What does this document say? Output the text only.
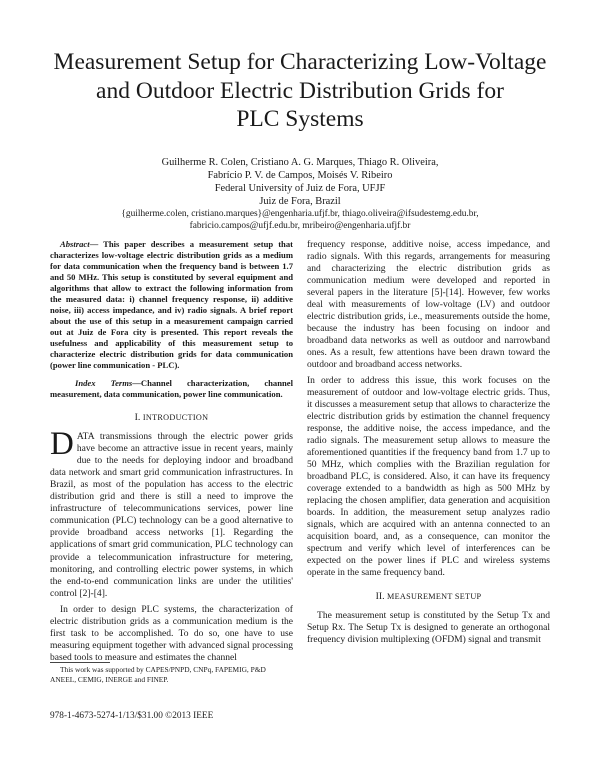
Measurement Setup for Characterizing Low-Voltage
and Outdoor Electric Distribution Grids for
PLC Systems
Guilherme R. Colen, Cristiano A. G. Marques, Thiago R. Oliveira,
Fabrício P. V. de Campos, Moisés V. Ribeiro
Federal University of Juiz de Fora, UFJF
Juiz de Fora, Brazil
{guilherme.colen, cristiano.marques}@engenharia.ufjf.br, thiago.oliveira@ifsudestemg.edu.br,
fabricio.campos@ufjf.edu.br, mribeiro@engenharia.ufjf.br

Abstract— This paper describes a measurement setup that characterizes low-voltage electric distribution grids as a medium for data communication when the frequency band is between 1.7 and 50 MHz. This setup is constituted by several equipment and algorithms that allow to extract the following information from the measured data: i) channel frequency response, ii) additive noise, iii) access impedance, and iv) radio signals. A brief report about the use of this setup in a measurement campaign carried out at Juiz de Fora city is presented. This report reveals the usefulness and applicability of this measurement setup to characterize electric distribution grids for data communication (power line communication - PLC).

Index Terms—Channel characterization, channel measurement, data communication, power line communication.

I. INTRODUCTION

DATA transmissions through the electric power grids have become an attractive issue in recent years, mainly due to the needs for deploying indoor and broadband data network and smart grid communication infrastructures. In Brazil, as most of the population has access to the electric distribution grid and there is still a need to improve the infrastructure of telecommunications services, power line communication (PLC) technology can be a good alternative to provide broadband access networks [1]. Regarding the applications of smart grid communication, PLC technology can provide a telecommunication infrastructure for metering, monitoring, and controlling electric power systems, in which the end-to-end communication links are under the utilities' control [2]-[4].

In order to design PLC systems, the characterization of electric distribution grids as a communication medium is the first task to be accomplished. To do so, one have to use measuring equipment together with advanced signal processing based tools to measure and estimates the channel

frequency response, additive noise, access impedance, and radio signals. With this regards, arrangements for measuring and characterizing the electric distribution grids as communication medium were developed and reported in several papers in the literature [5]-[14]. However, few works deal with measurements of low-voltage (LV) and outdoor electric distribution grids, i.e., measurements outside the home, because the industry has been focusing on indoor and broadband data networks as well as outdoor and narrowband ones. As a result, few attentions have been drawn toward the outdoor and broadband access networks.

In order to address this issue, this work focuses on the measurement of outdoor and low-voltage electric grids. Thus, it discusses a measurement setup that allows to characterize the electric distribution grids by estimation the channel frequency response, the additive noise, the access impedance, and the radio signals. The measurement setup allows to measure the aforementioned quantities if the frequency band from 1.7 up to 50 MHz, which complies with the Brazilian regulation for broadband PLC, is considered. Also, it can have its frequency coverage extended to a bandwidth as high as 500 MHz by replacing the chosen amplifier, data generation and acquisition boards. In addition, the measurement setup analyzes radio signals, which are acquired with an antenna connected to an acquisition board, and, as a consequence, can monitor the spectrum and verify which level of interferences can be expected on the power lines if PLC and wireless systems operate in the same frequency band.

II. MEASUREMENT SETUP

The measurement setup is constituted by the Setup Tx and Setup Rx. The Setup Tx is designed to generate an orthogonal frequency division multiplexing (OFDM) signal and transmit

This work was supported by CAPES/PNPD, CNPq, FAPEMIG, P&D ANEEL, CEMIG, INERGE and FINEP.
978-1-4673-5274-1/13/$31.00 ©2013 IEEE
